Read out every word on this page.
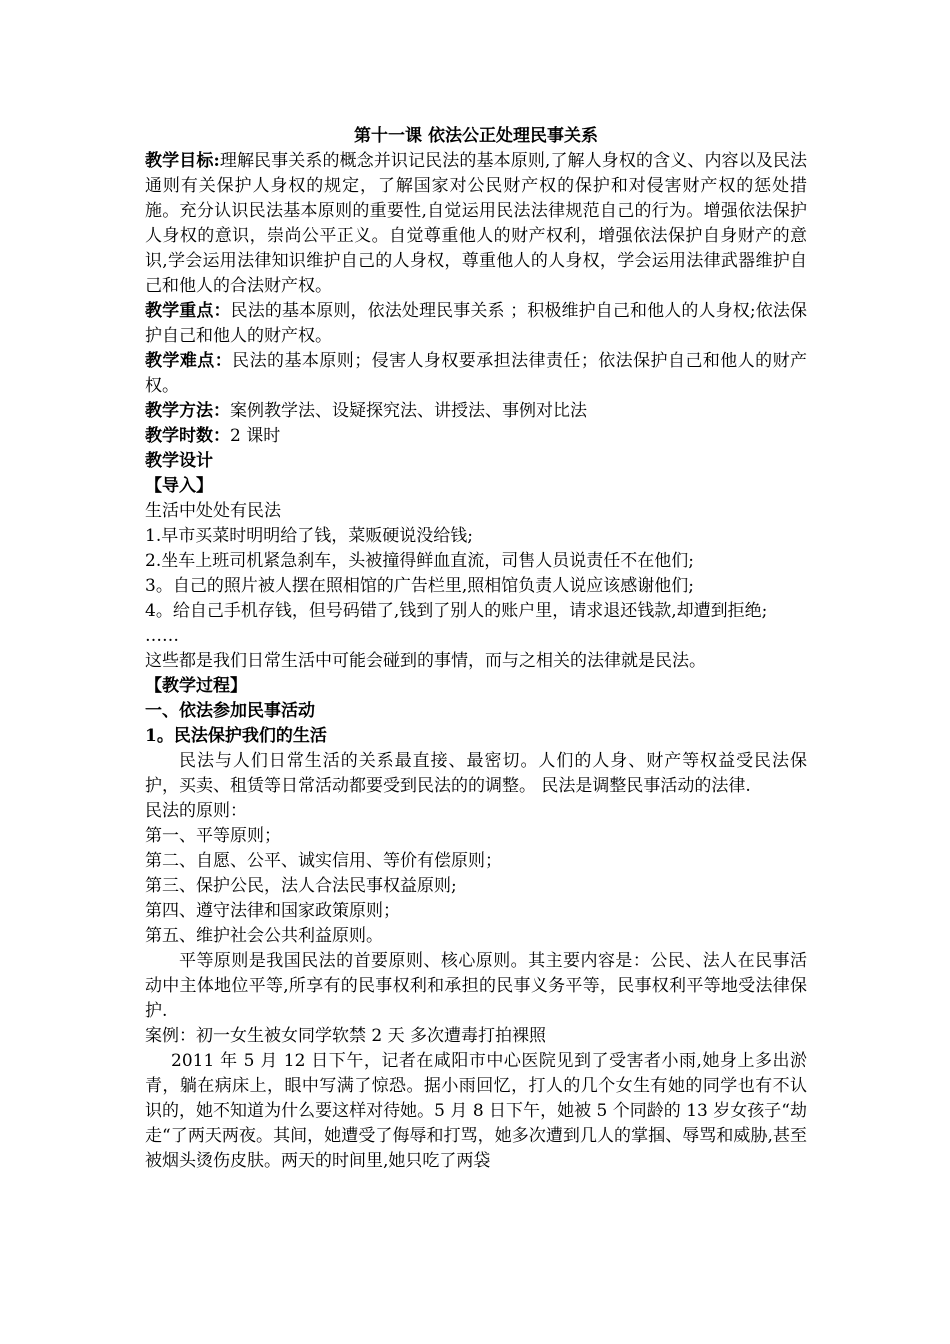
第十一课 依法公正处理民事关系

教学目标:理解民事关系的概念并识记民法的基本原则,了解人身权的含义、内容以及民法通则有关保护人身权的规定，了解国家对公民财产权的保护和对侵害财产权的惩处措施。充分认识民法基本原则的重要性,自觉运用民法法律规范自己的行为。增强依法保护人身权的意识，崇尚公平正义。自觉尊重他人的财产权利，增强依法保护自身财产的意识,学会运用法律知识维护自己的人身权，尊重他人的人身权，学会运用法律武器维护自己和他人的合法财产权。

教学重点：民法的基本原则，依法处理民事关系 ；积极维护自己和他人的人身权;依法保护自己和他人的财产权。

教学难点：民法的基本原则；侵害人身权要承担法律责任；依法保护自己和他人的财产权。

教学方法：案例教学法、设疑探究法、讲授法、事例对比法

教学时数：2 课时

教学设计

【导入】

生活中处处有民法

1.早市买菜时明明给了钱，菜贩硬说没给钱;

2.坐车上班司机紧急刹车，头被撞得鲜血直流，司售人员说责任不在他们;

3。自己的照片被人摆在照相馆的广告栏里,照相馆负责人说应该感谢他们;

4。给自己手机存钱，但号码错了,钱到了别人的账户里，请求退还钱款,却遭到拒绝;

……

这些都是我们日常生活中可能会碰到的事情，而与之相关的法律就是民法。

【教学过程】

一、依法参加民事活动

1。民法保护我们的生活

民法与人们日常生活的关系最直接、最密切。人们的人身、财产等权益受民法保护，买卖、租赁等日常活动都要受到民法的的调整。 民法是调整民事活动的法律.

民法的原则：

第一、平等原则；

第二、自愿、公平、诚实信用、等价有偿原则；

第三、保护公民，法人合法民事权益原则;

第四、遵守法律和国家政策原则；

第五、维护社会公共利益原则。

平等原则是我国民法的首要原则、核心原则。其主要内容是：公民、法人在民事活动中主体地位平等,所享有的民事权利和承担的民事义务平等，民事权利平等地受法律保护.

案例：初一女生被女同学软禁 2 天 多次遭毒打拍裸照

2011 年 5 月 12 日下午，记者在咸阳市中心医院见到了受害者小雨,她身上多出淤青，躺在病床上，眼中写满了惊恐。据小雨回忆，打人的几个女生有她的同学也有不认识的，她不知道为什么要这样对待她。5 月 8 日下午，她被 5 个同龄的 13 岁女孩子“劫走“了两天两夜。其间，她遭受了侮辱和打骂，她多次遭到几人的掌掴、辱骂和威胁,甚至被烟头烫伤皮肤。两天的时间里,她只吃了两袋
